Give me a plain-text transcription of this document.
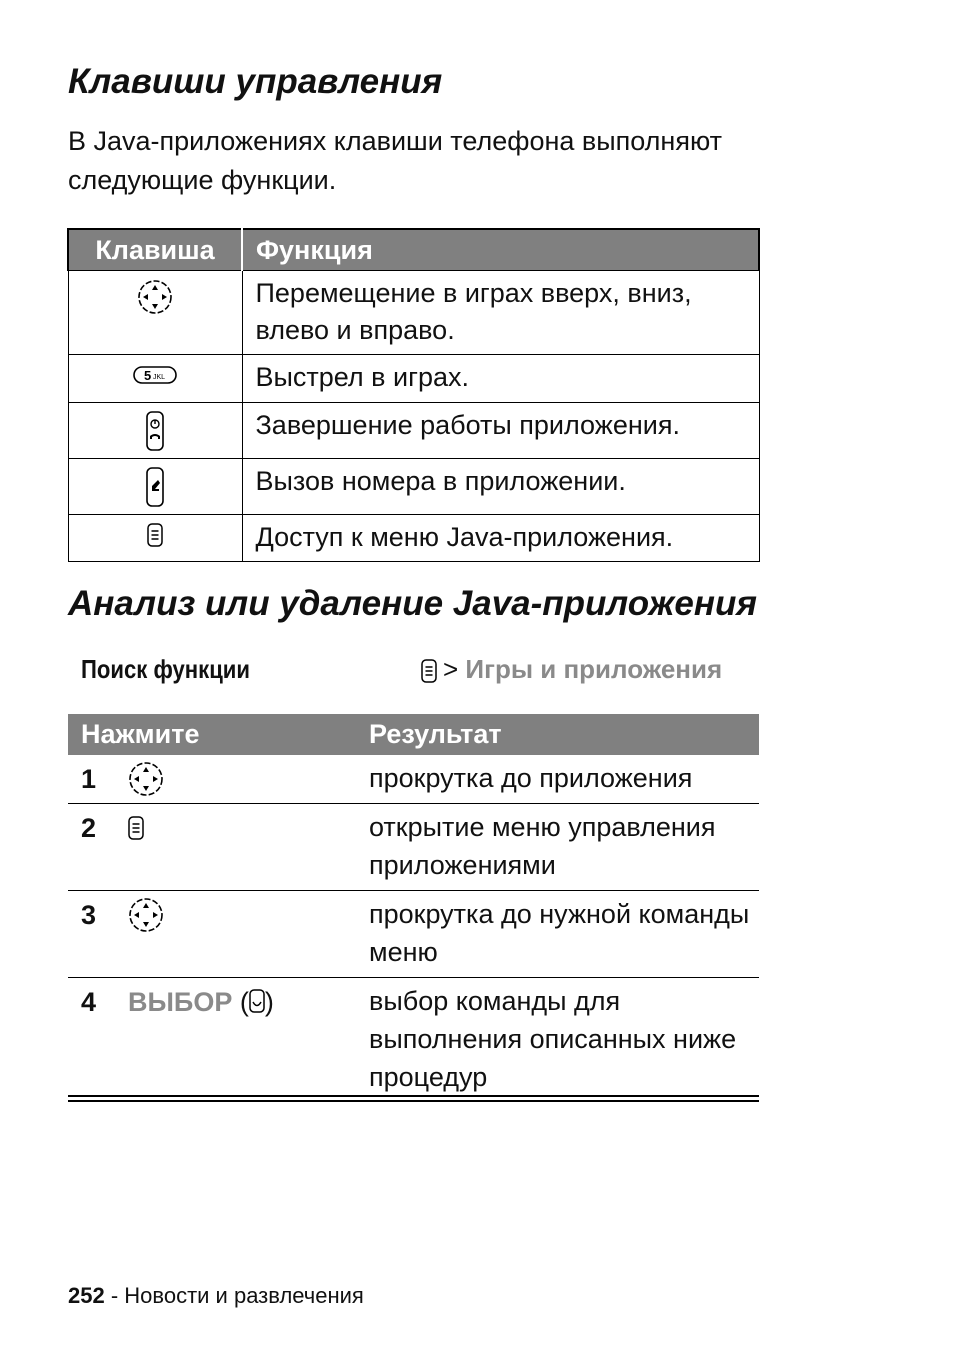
Клавиши управления

В Java-приложениях клавиши телефона выполняют следующие функции.

Клавиша	Функция

	Перемещение в играх вверх, вниз, влево и вправо.

5 JKL	Выстрел в играх.

	Завершение работы приложения.

	Вызов номера в приложении.

	Доступ к меню Java-приложения.
Анализ или удаление Java-приложения
Поиск функции	> Игры и приложения
Нажмите	Результат
1	прокрутка до приложения
2	открытие меню управления приложениями
3	прокрутка до нужной команды меню
4 ВЫБОР ( )	выбор команды для выполнения описанных ниже процедур
252 - Новости и развлечения
